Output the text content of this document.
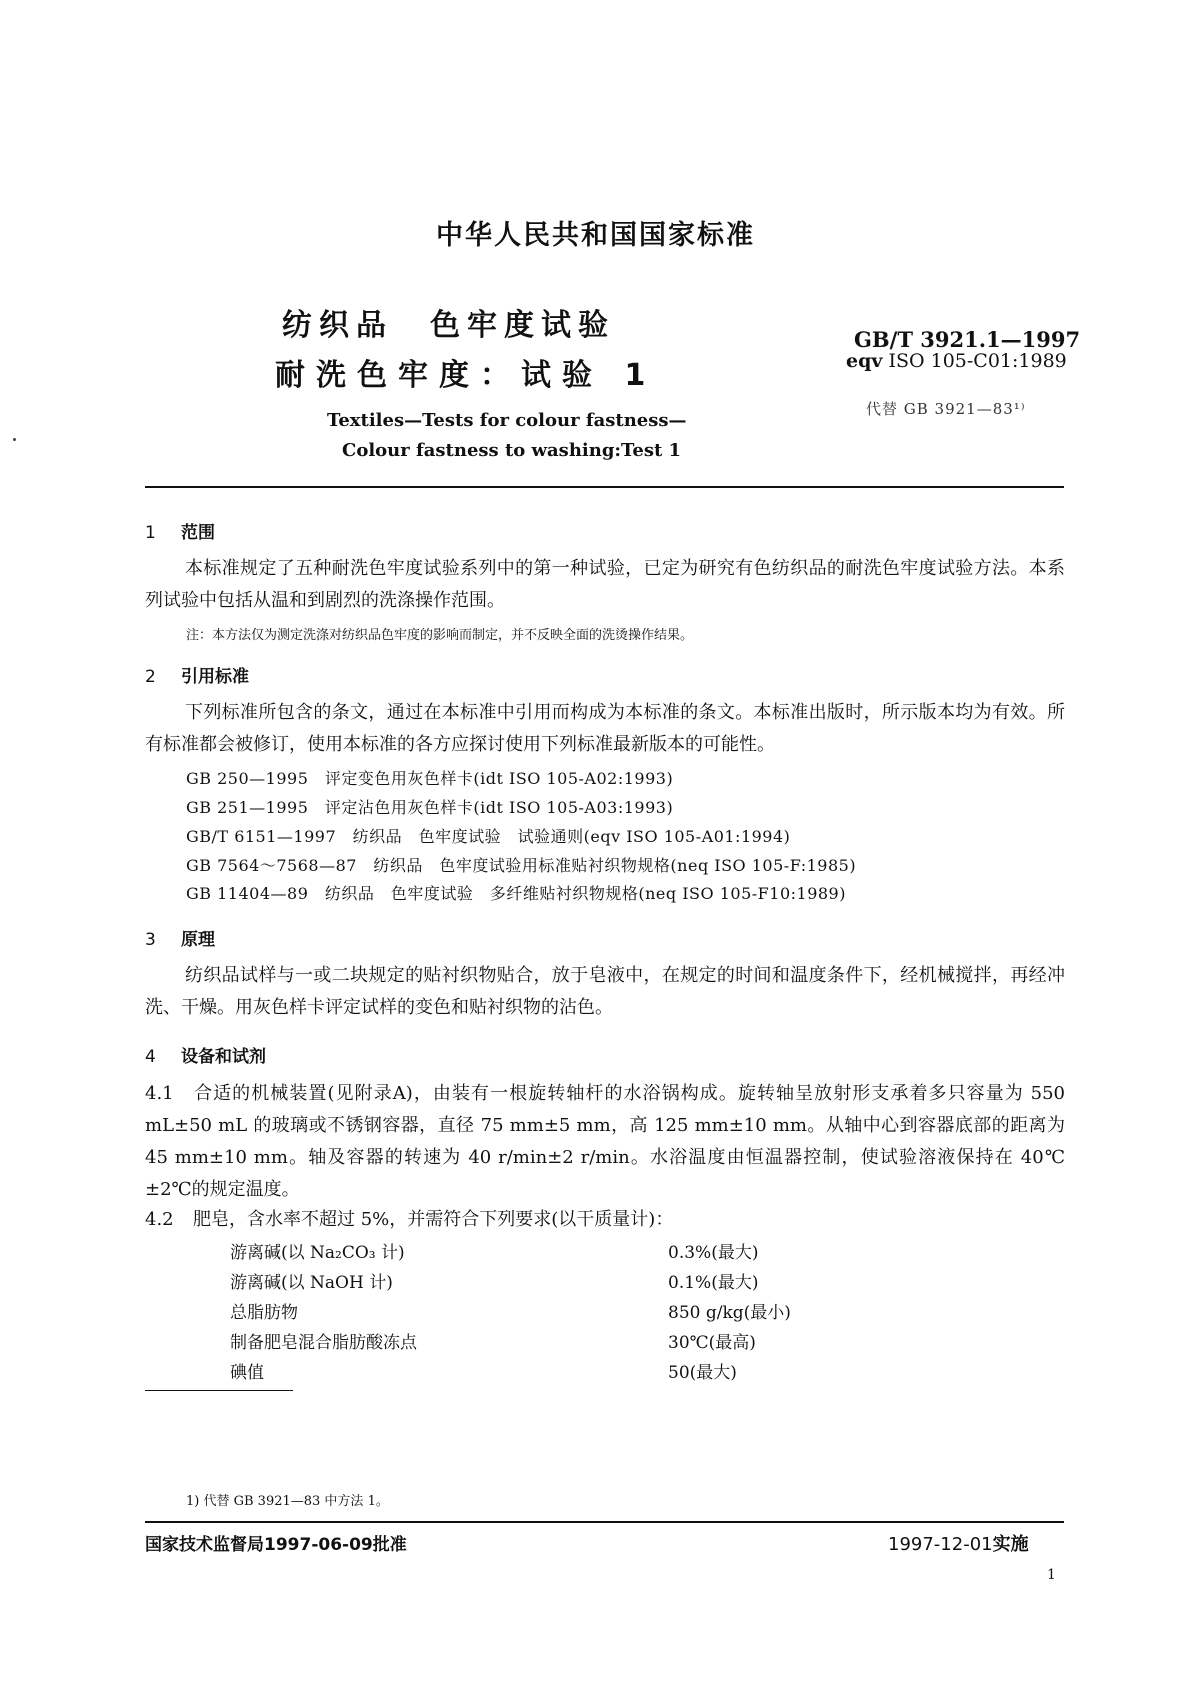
中华人民共和国国家标准
纺织品　色牢度试验
耐洗色牢度：试验 1
GB/T 3921.1—1997
eqv ISO 105-C01:1989
代替 GB 3921—83¹⁾
Textiles—Tests for colour fastness—
Colour fastness to washing:Test 1
1 范围
本标准规定了五种耐洗色牢度试验系列中的第一种试验，已定为研究有色纺织品的耐洗色牢度试验方法。本系列试验中包括从温和到剧烈的洗涤操作范围。
注：本方法仅为测定洗涤对纺织品色牢度的影响而制定，并不反映全面的洗烫操作结果。
2 引用标准
下列标准所包含的条文，通过在本标准中引用而构成为本标准的条文。本标准出版时，所示版本均为有效。所有标准都会被修订，使用本标准的各方应探讨使用下列标准最新版本的可能性。
GB 250—1995　评定变色用灰色样卡(idt ISO 105-A02:1993)
GB 251—1995　评定沾色用灰色样卡(idt ISO 105-A03:1993)
GB/T 6151—1997　纺织品　色牢度试验　试验通则(eqv ISO 105-A01:1994)
GB 7564～7568—87　纺织品　色牢度试验用标准贴衬织物规格(neq ISO 105-F:1985)
GB 11404—89　纺织品　色牢度试验　多纤维贴衬织物规格(neq ISO 105-F10:1989)
3 原理
纺织品试样与一或二块规定的贴衬织物贴合，放于皂液中，在规定的时间和温度条件下，经机械搅拌，再经冲洗、干燥。用灰色样卡评定试样的变色和贴衬织物的沾色。
4 设备和试剂
4.1 合适的机械装置(见附录A)，由装有一根旋转轴杆的水浴锅构成。旋转轴呈放射形支承着多只容量为 550 mL±50 mL 的玻璃或不锈钢容器，直径 75 mm±5 mm，高 125 mm±10 mm。从轴中心到容器底部的距离为 45 mm±10 mm。轴及容器的转速为 40 r/min±2 r/min。水浴温度由恒温器控制，使试验溶液保持在 40℃±2℃的规定温度。
4.2 肥皂，含水率不超过 5%，并需符合下列要求(以干质量计)：
游离碱(以 Na₂CO₃ 计)	0.3%(最大)
游离碱(以 NaOH 计)	0.1%(最大)
总脂肪物	850 g/kg(最小)
制备肥皂混合脂肪酸冻点	30℃(最高)
碘值	50(最大)
1) 代替 GB 3921—83 中方法 1。
国家技术监督局1997-06-09批准	1997-12-01实施
1
